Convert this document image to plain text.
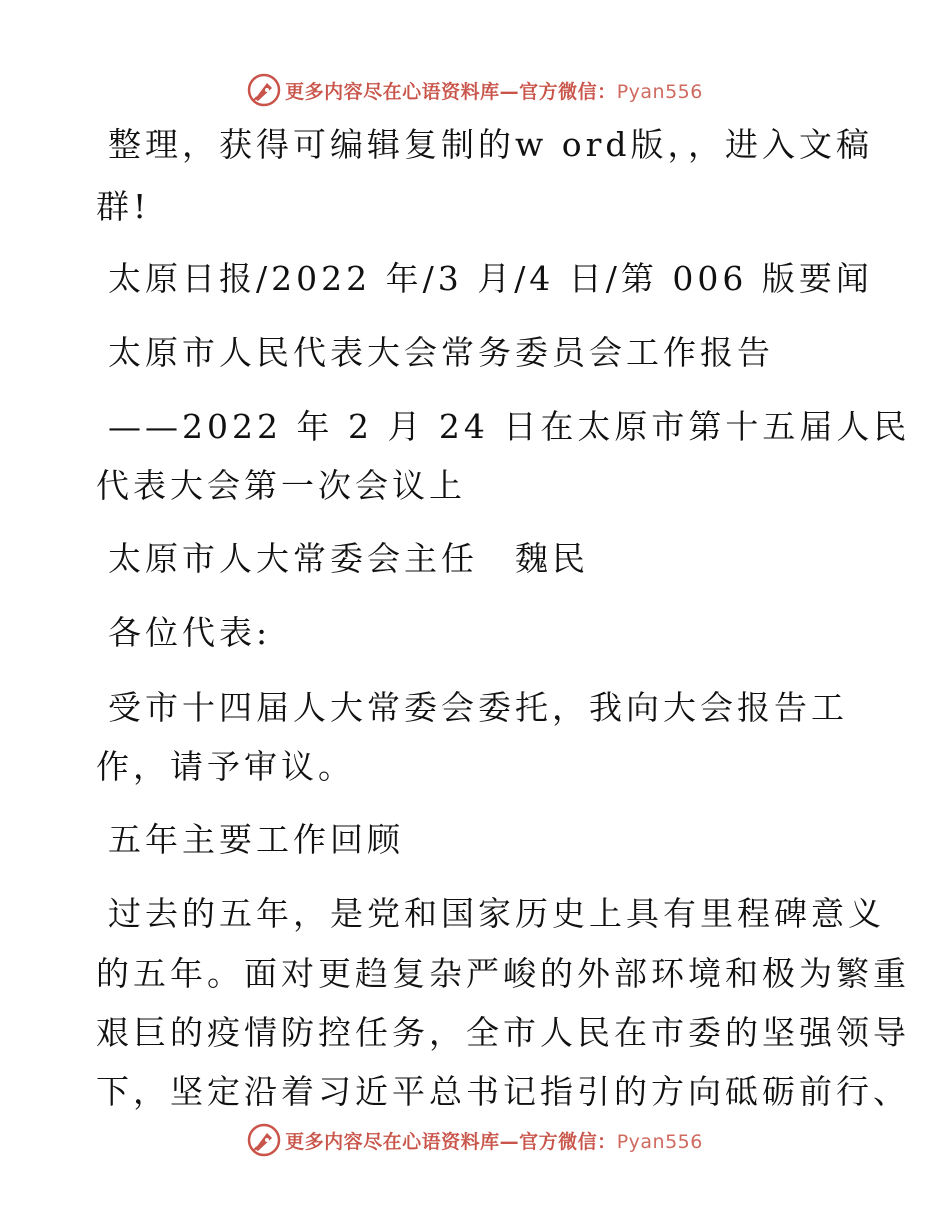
更多内容尽在心语资料库—官方微信：Pyan556
整理，获得可编辑复制的w ord版，，进入文稿
群!
太原日报/2022 年/3 月/4 日/第 006 版要闻
太原市人民代表大会常务委员会工作报告
——2022 年 2 月 24 日在太原市第十五届人民
代表大会第一次会议上
太原市人大常委会主任　魏民
各位代表:
受市十四届人大常委会委托，我向大会报告工
作，请予审议。
五年主要工作回顾
过去的五年，是党和国家历史上具有里程碑意义
的五年。面对更趋复杂严峻的外部环境和极为繁重
艰巨的疫情防控任务，全市人民在市委的坚强领导
下，坚定沿着习近平总书记指引的方向砥砺前行、
更多内容尽在心语资料库—官方微信：Pyan556
